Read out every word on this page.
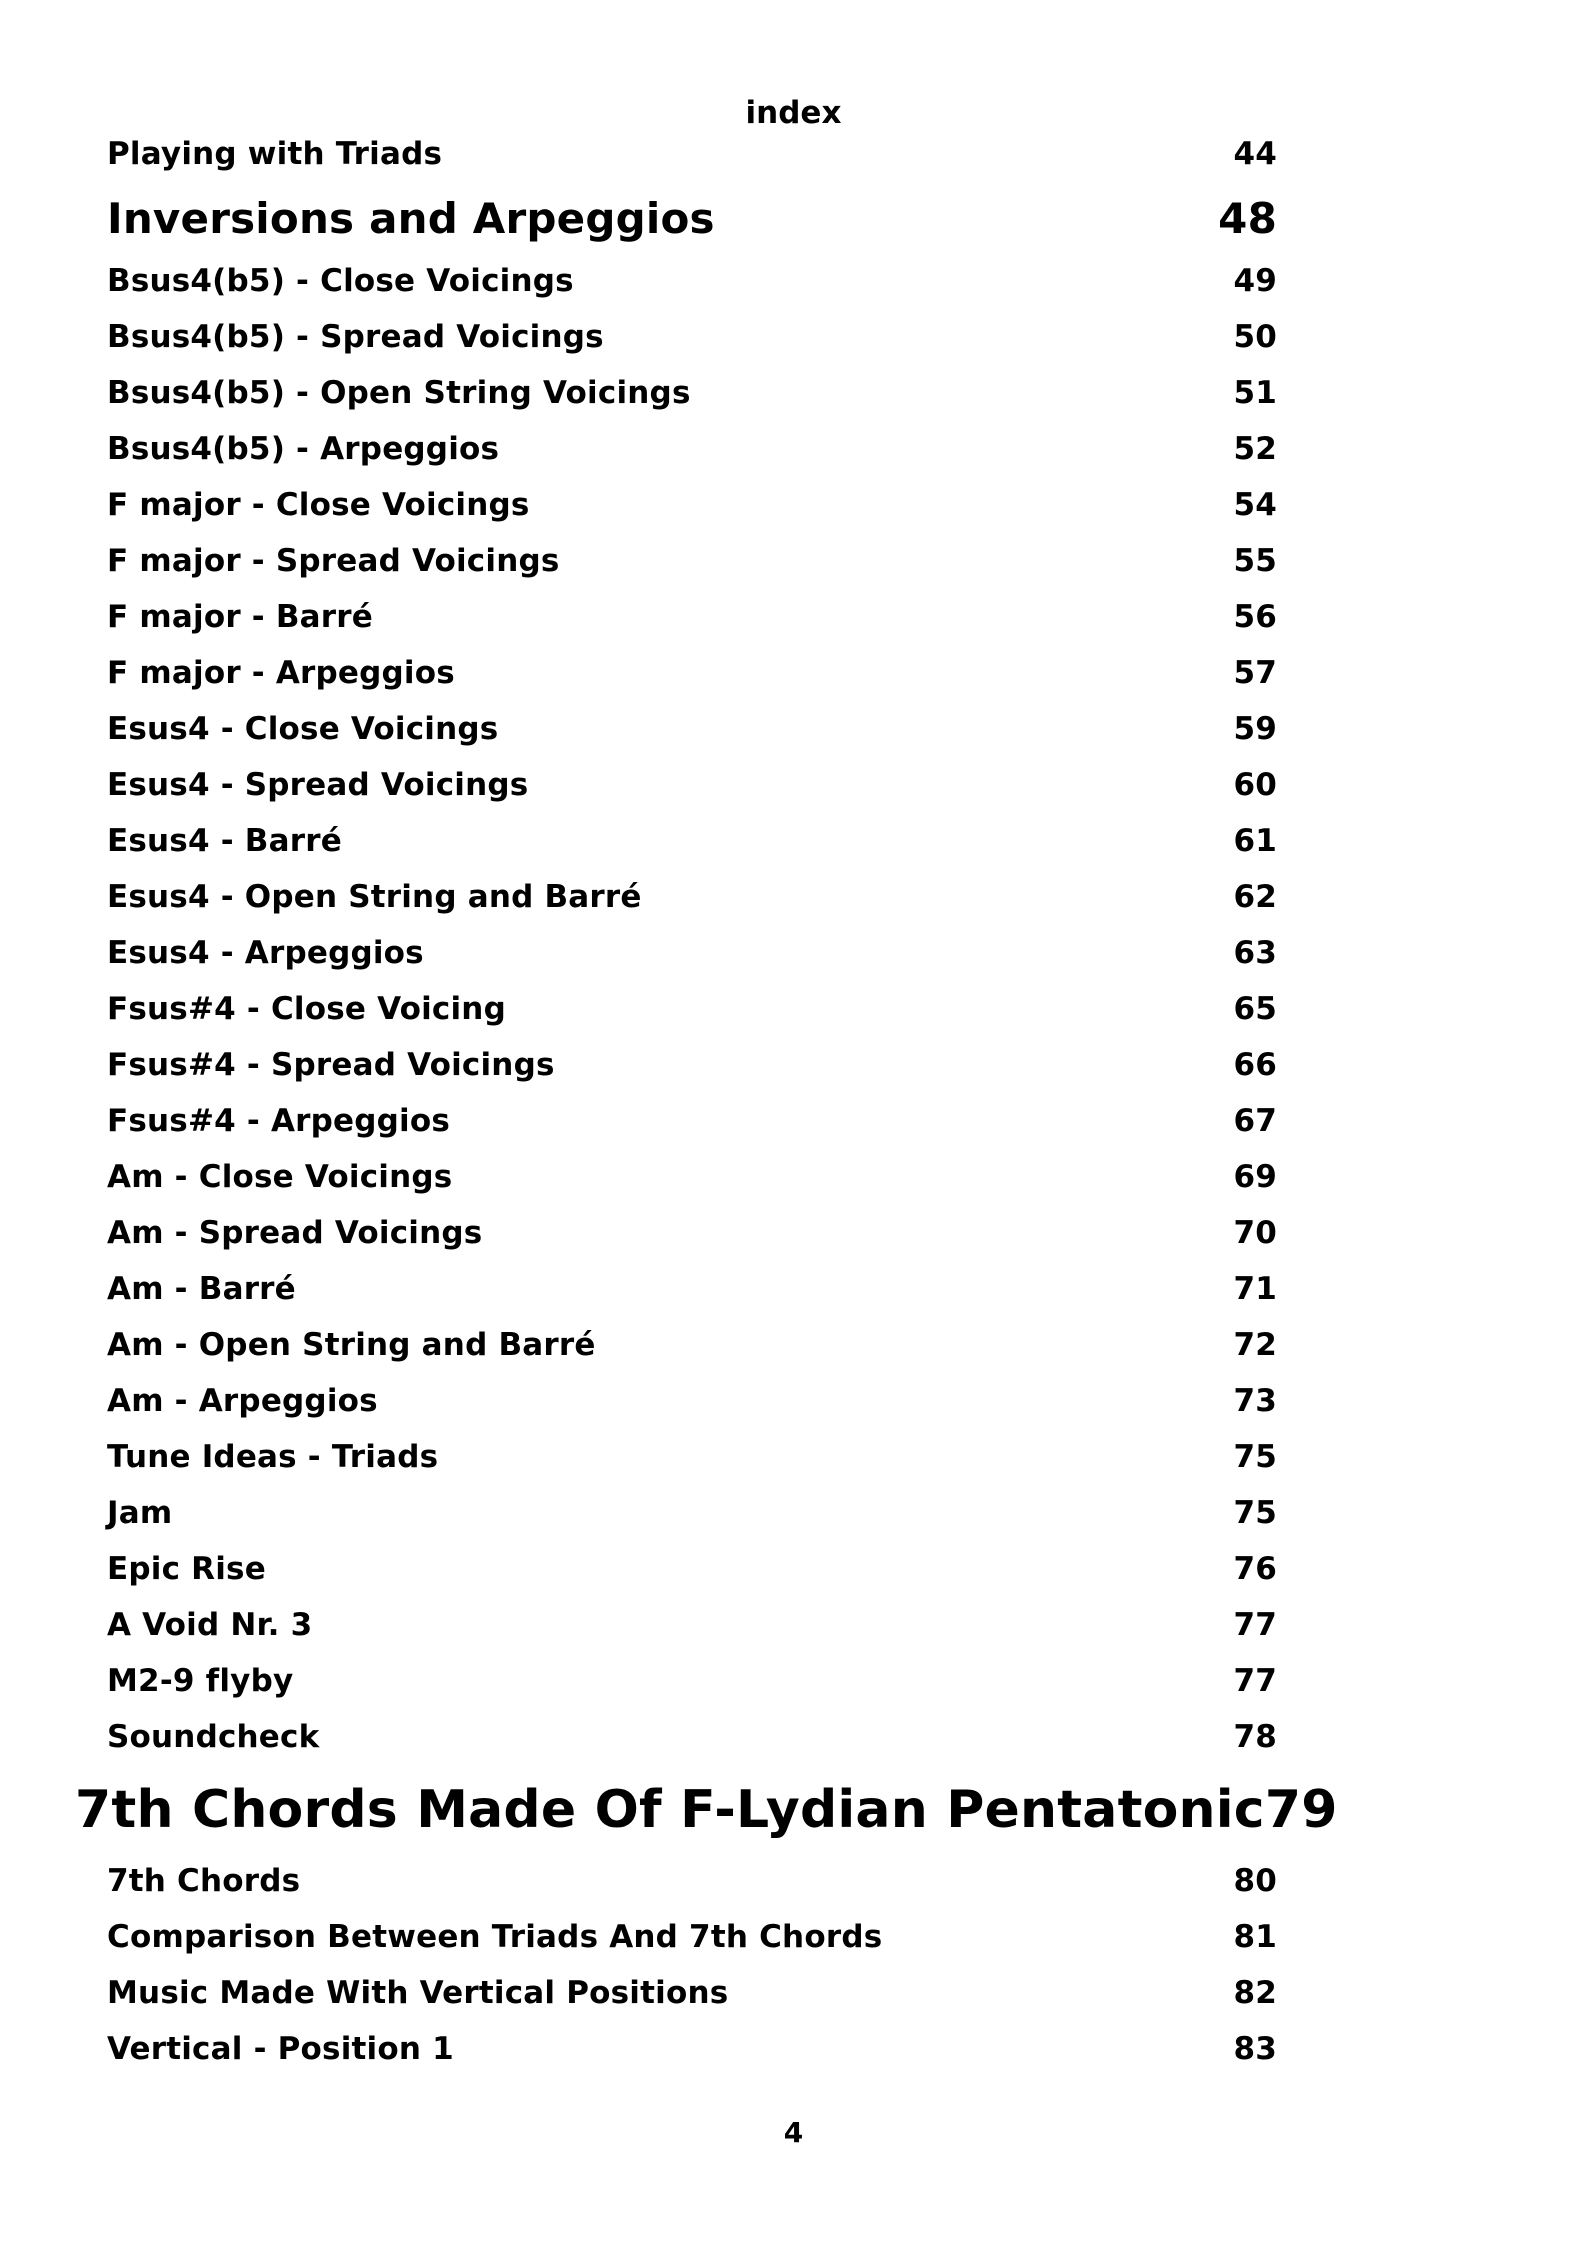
index
Playing with Triads	44
Inversions and Arpeggios	48
Bsus4(b5) - Close Voicings	49
Bsus4(b5) - Spread Voicings	50
Bsus4(b5) - Open String Voicings	51
Bsus4(b5) - Arpeggios	52
F major - Close Voicings	54
F major - Spread Voicings	55
F major - Barré	56
F major - Arpeggios	57
Esus4 - Close Voicings	59
Esus4 - Spread Voicings	60
Esus4 - Barré	61
Esus4 - Open String and Barré	62
Esus4 - Arpeggios	63
Fsus#4 - Close Voicing	65
Fsus#4 - Spread Voicings	66
Fsus#4 - Arpeggios	67
Am - Close Voicings	69
Am - Spread Voicings	70
Am - Barré	71
Am - Open String and Barré	72
Am - Arpeggios	73
Tune Ideas - Triads	75
Jam	75
Epic Rise	76
A Void Nr. 3	77
M2-9 flyby	77
Soundcheck	78
7th Chords Made Of F-Lydian Pentatonic 79
7th Chords	80
Comparison Between Triads And 7th Chords	81
Music Made With Vertical Positions	82
Vertical - Position 1	83
4
